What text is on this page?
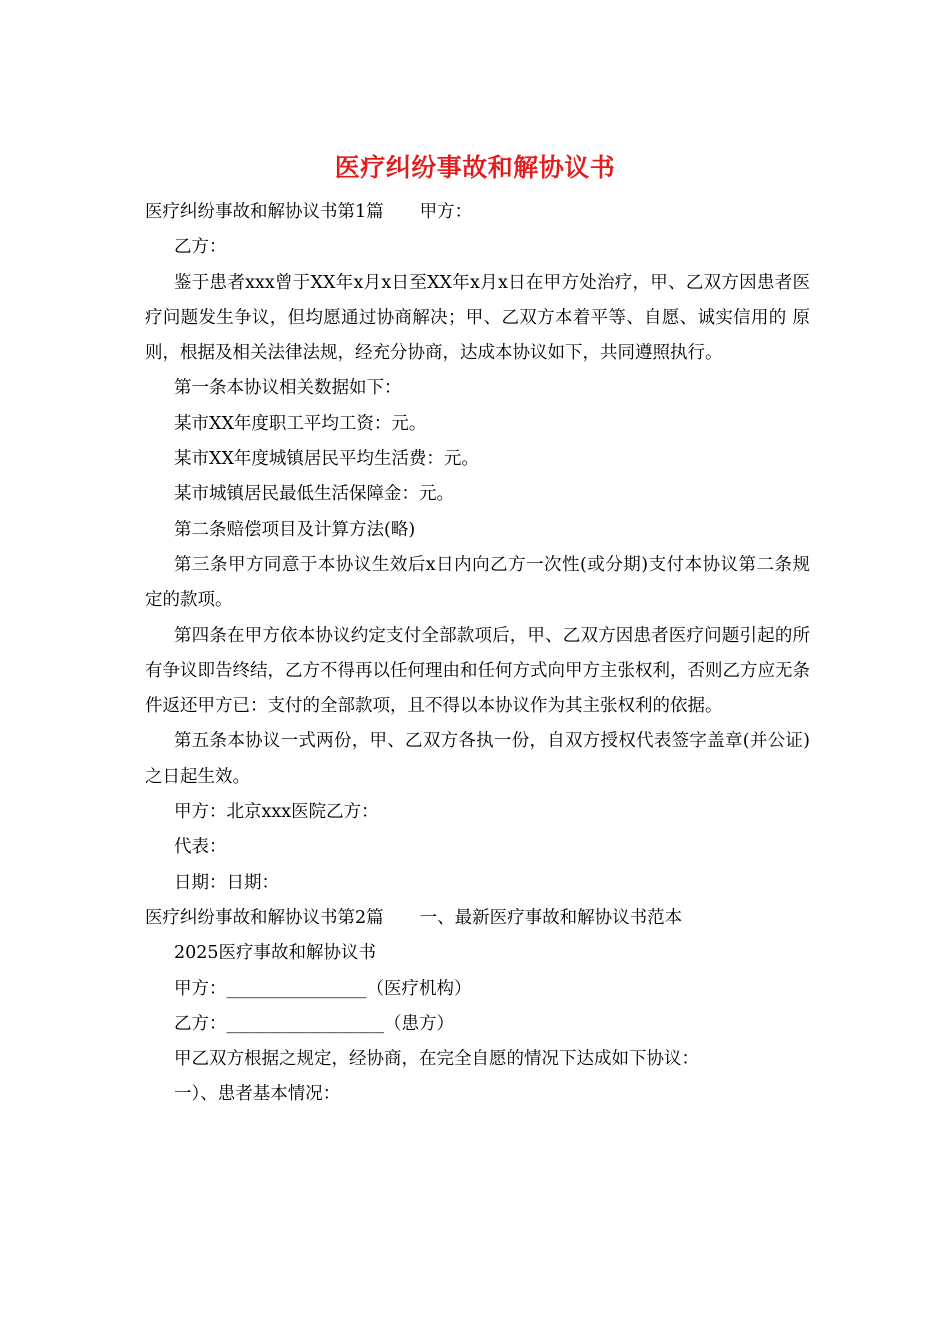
医疗纠纷事故和解协议书

医疗纠纷事故和解协议书第1篇 甲方：

乙方：

鉴于患者xxx曾于XX年x月x日至XX年x月x日在甲方处治疗，甲、乙双方因患者医疗问题发生争议，但均愿通过协商解决；甲、乙双方本着平等、自愿、诚实信用的 原则，根据及相关法律法规，经充分协商，达成本协议如下，共同遵照执行。

第一条本协议相关数据如下：

某市XX年度职工平均工资：元。

某市XX年度城镇居民平均生活费：元。

某市城镇居民最低生活保障金：元。

第二条赔偿项目及计算方法(略)

第三条甲方同意于本协议生效后x日内向乙方一次性(或分期)支付本协议第二条规定的款项。

第四条在甲方依本协议约定支付全部款项后，甲、乙双方因患者医疗问题引起的所有争议即告终结，乙方不得再以任何理由和任何方式向甲方主张权利，否则乙方应无条件返还甲方已：支付的全部款项，且不得以本协议作为其主张权利的依据。

第五条本协议一式两份，甲、乙双方各执一份，自双方授权代表签字盖章(并公证)之日起生效。

甲方：北京xxx医院乙方：

代表：

日期：日期：

医疗纠纷事故和解协议书第2篇 一、最新医疗事故和解协议书范本

2025医疗事故和解协议书

甲方：________________（医疗机构）

乙方：__________________（患方）

甲乙双方根据之规定，经协商，在完全自愿的情况下达成如下协议：

一）、患者基本情况：
